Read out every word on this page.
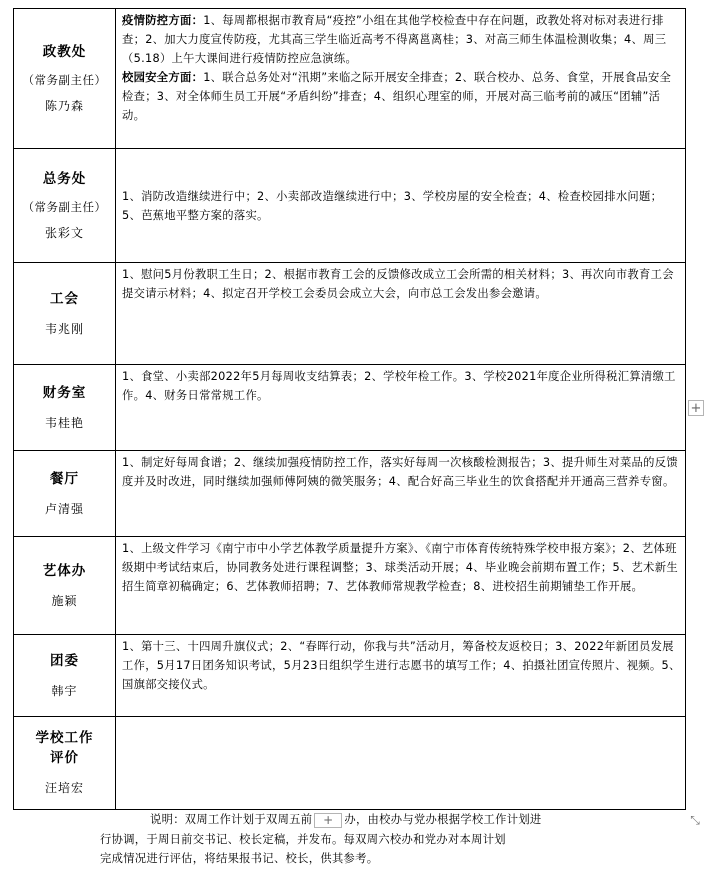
政教处
（常务副主任）
陈乃森
疫情防控方面：1、每周都根据市教育局“疫控”小组在其他学校检查中存在问题，政教处将对标对表进行排查；2、加大力度宣传防疫，尤其高三学生临近高考不得离邕离桂；3、对高三师生体温检测收集；4、周三（5.18）上午大课间进行疫情防控应急演练。
校园安全方面：1、联合总务处对“汛期”来临之际开展安全排查；2、联合校办、总务、食堂，开展食品安全检查；3、对全体师生员工开展“矛盾纠纷”排查；4、组织心理室的师，开展对高三临考前的减压“团辅”活动。
总务处
（常务副主任）
张彩文
1、消防改造继续进行中；2、小卖部改造继续进行中；3、学校房屋的安全检查；4、检查校园排水问题；5、芭蕉地平整方案的落实。
工会
韦兆刚
1、慰问5月份教职工生日；2、根据市教育工会的反馈修改成立工会所需的相关材料；3、再次向市教育工会提交请示材料；4、拟定召开学校工会委员会成立大会，向市总工会发出参会邀请。
财务室
韦桂艳
1、食堂、小卖部2022年5月每周收支结算表；2、学校年检工作。3、学校2021年度企业所得税汇算清缴工作。4、财务日常常规工作。
餐厅
卢清强
1、制定好每周食谱；2、继续加强疫情防控工作，落实好每周一次核酸检测报告；3、提升师生对菜品的反馈度并及时改进，同时继续加强师傅阿姨的微笑服务；4、配合好高三毕业生的饮食搭配并开通高三营养专窗。
艺体办
施颖
1、上级文件学习《南宁市中小学艺体教学质量提升方案》、《南宁市体育传统特殊学校申报方案》；2、艺体班级期中考试结束后，协同教务处进行课程调整；3、球类活动开展；4、毕业晚会前期布置工作；5、艺术新生招生简章初稿确定；6、艺体教师招聘；7、艺体教师常规教学检查；8、进校招生前期铺垫工作开展。
团委
韩宇
1、第十三、十四周升旗仪式；2、“春晖行动，你我与共”活动月，筹备校友返校日；3、2022年新团员发展工作，5月17日团务知识考试，5月23日组织学生进行志愿书的填写工作；4、拍摄社团宣传照片、视频。5、国旗部交接仪式。
学校工作 评价
汪培宏
+
⤡
说明：双周工作计划于双周五前 + 办，由校办与党办根据学校工作计划进
行协调，于周日前交书记、校长定稿，并发布。每双周六校办和党办对本周计划
完成情况进行评估，将结果报书记、校长，供其参考。
